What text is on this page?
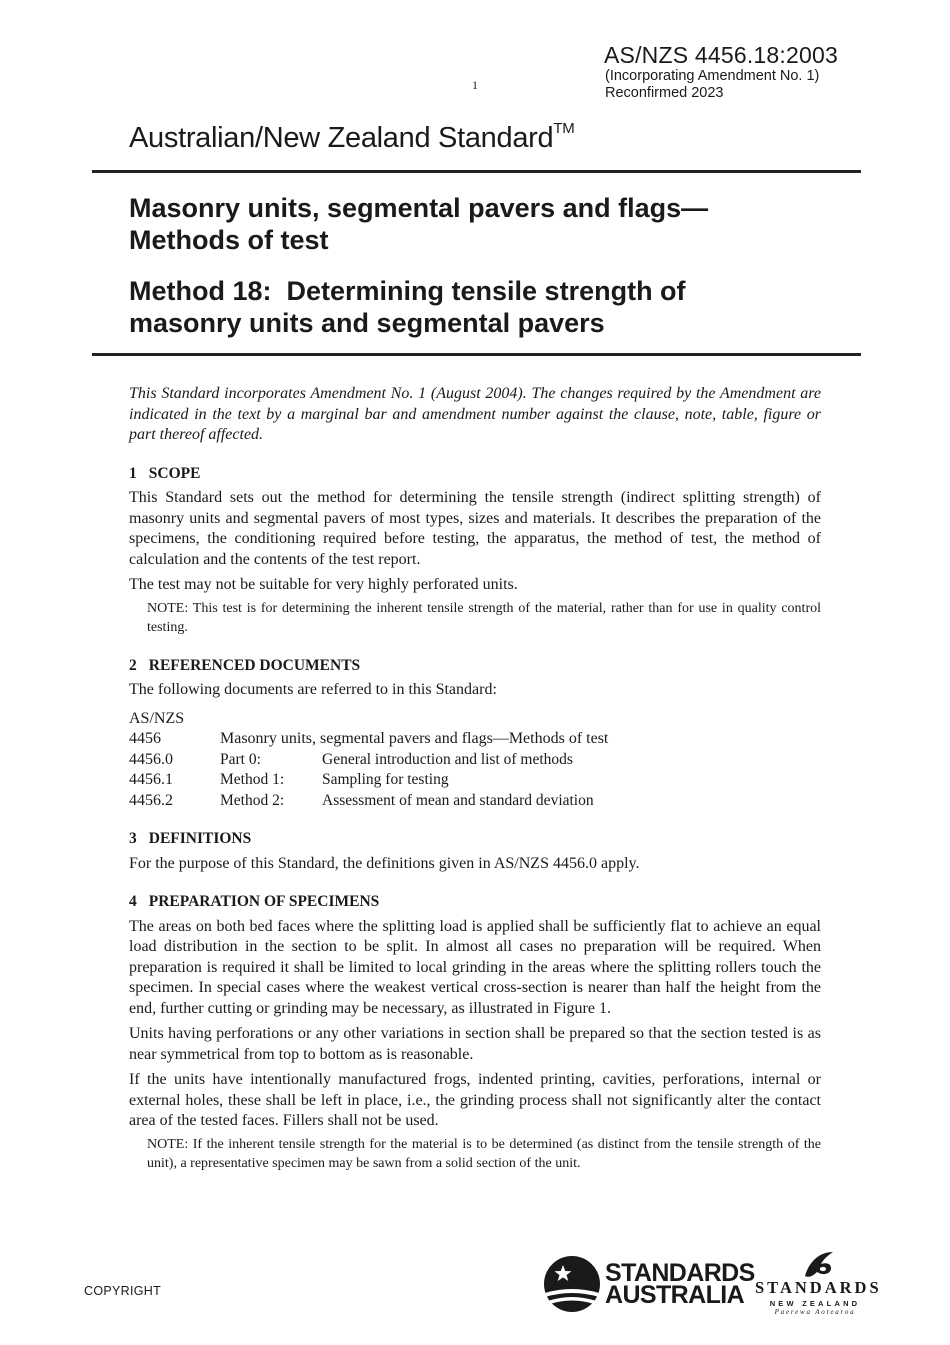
1
AS/NZS 4456.18:2003
(Incorporating Amendment No. 1)
Reconfirmed 2023
Australian/New Zealand Standard™
Masonry units, segmental pavers and flags—
Methods of test
Method 18:  Determining tensile strength of
masonry units and segmental pavers

This Standard incorporates Amendment No. 1 (August 2004). The changes required by the Amendment are indicated in the text by a marginal bar and amendment number against the clause, note, table, figure or part thereof affected.

1 SCOPE

This Standard sets out the method for determining the tensile strength (indirect splitting strength) of masonry units and segmental pavers of most types, sizes and materials. It describes the preparation of the specimens, the conditioning required before testing, the apparatus, the method of test, the method of calculation and the contents of the test report.

The test may not be suitable for very highly perforated units.

NOTE: This test is for determining the inherent tensile strength of the material, rather than for use in quality control testing.

2 REFERENCED DOCUMENTS

The following documents are referred to in this Standard:

AS/NZS
4456	Masonry units, segmental pavers and flags—Methods of test
4456.0	Part 0:	General introduction and list of methods
4456.1	Method 1:	Sampling for testing
4456.2	Method 2:	Assessment of mean and standard deviation
3 DEFINITIONS

For the purpose of this Standard, the definitions given in AS/NZS 4456.0 apply.

4 PREPARATION OF SPECIMENS

The areas on both bed faces where the splitting load is applied shall be sufficiently flat to achieve an equal load distribution in the section to be split. In almost all cases no preparation will be required. When preparation is required it shall be limited to local grinding in the areas where the splitting rollers touch the specimen. In special cases where the weakest vertical cross-section is nearer than half the height from the end, further cutting or grinding may be necessary, as illustrated in Figure 1.

Units having perforations or any other variations in section shall be prepared so that the section tested is as near symmetrical from top to bottom as is reasonable.

If the units have intentionally manufactured frogs, indented printing, cavities, perforations, internal or external holes, these shall be left in place, i.e., the grinding process shall not significantly alter the contact area of the tested faces. Fillers shall not be used.

NOTE: If the inherent tensile strength for the material is to be determined (as distinct from the tensile strength of the unit), a representative specimen may be sawn from a solid section of the unit.

COPYRIGHT
STANDARDS
AUSTRALIA STANDARDS
NEW ZEALAND
Paerewa Aotearoa
